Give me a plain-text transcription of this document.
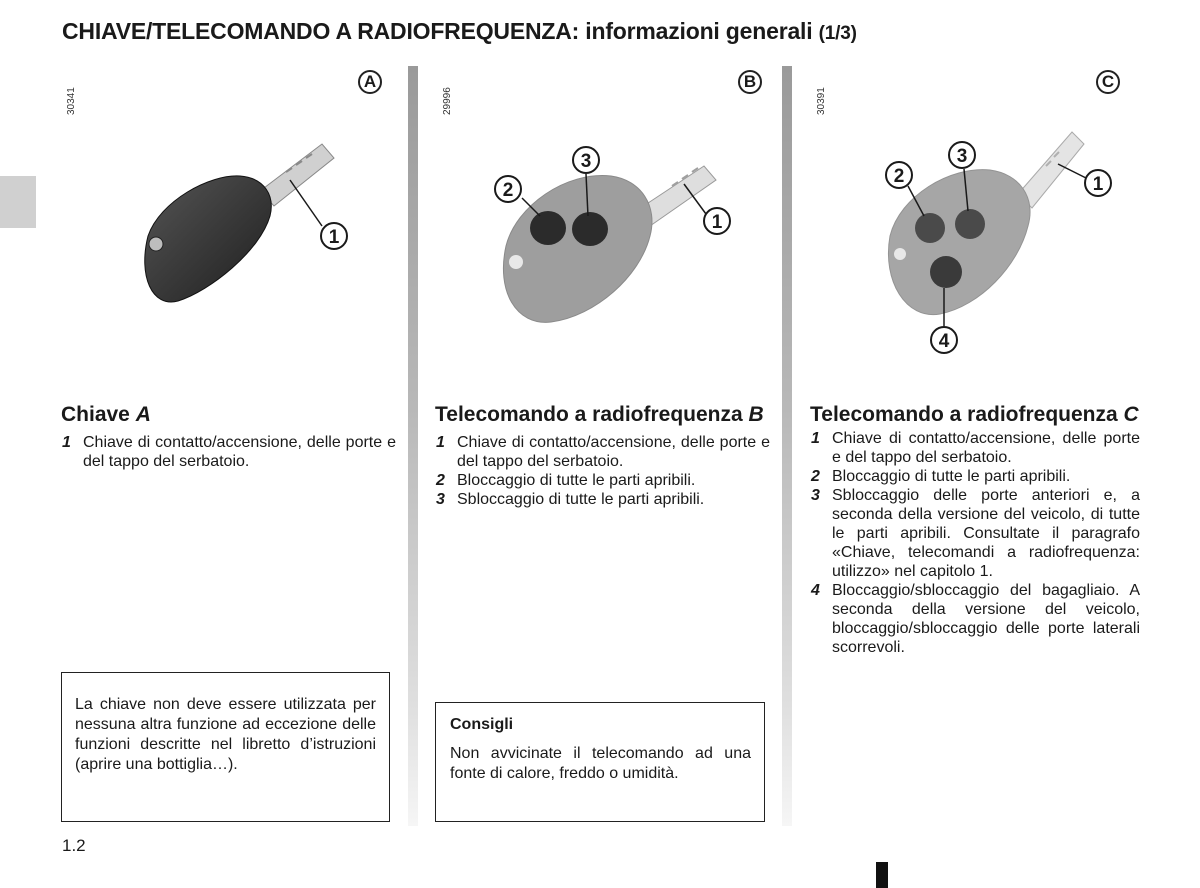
CHIAVE/TELECOMANDO A RADIOFREQUENZA: informazioni generali (1/3)
30341
A
1
29996
B
2
3
1
30391
C
2
3
1
4
Chiave A
1 Chiave di contatto/accensione, delle porte e del tappo del serbatoio.
Telecomando a radiofrequenza B
1 Chiave di contatto/accensione, delle porte e del tappo del serbatoio.
2 Bloccaggio di tutte le parti apribili.
3 Sbloccaggio di tutte le parti apribili.
Telecomando a radiofrequenza C
1 Chiave di contatto/accensione, delle porte e del tappo del serbatoio.
2 Bloccaggio di tutte le parti apribili.
3 Sbloccaggio delle porte anteriori e, a seconda della versione del veicolo, di tutte le parti apribili. Consultate il paragrafo «Chiave, telecomandi a radiofrequenza: utilizzo» nel capitolo 1.
4 Bloccaggio/sbloccaggio del bagagliaio. A seconda della versione del veicolo, bloccaggio/sbloccaggio delle porte laterali scorrevoli.
La chiave non deve essere utilizzata per nessuna altra funzione ad eccezione delle funzioni descritte nel libretto d’istruzioni (aprire una bottiglia…).
Consigli
Non avvicinate il telecomando ad una fonte di calore, freddo o umidità.
1.2
